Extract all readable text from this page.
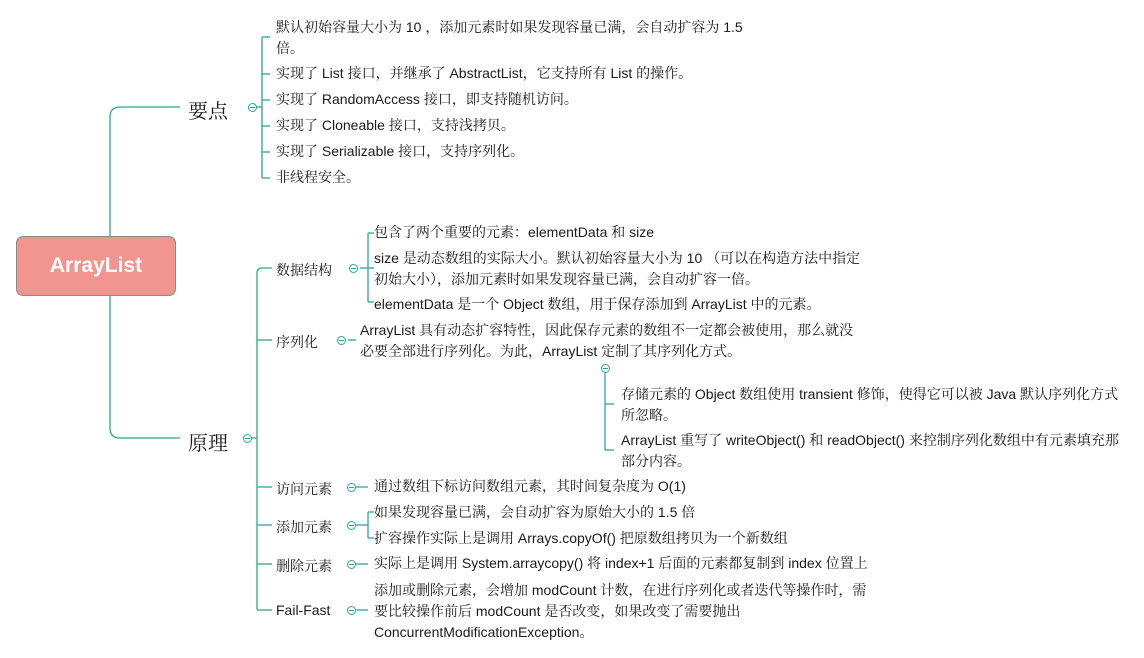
ArrayList
要点
默认初始容量大小为 10 ，添加元素时如果发现容量已满，会自动扩容为 1.5 倍。
实现了 List 接口，并继承了 AbstractList，它支持所有 List 的操作。
实现了 RandomAccess 接口，即支持随机访问。
实现了 Cloneable 接口，支持浅拷贝。
实现了 Serializable 接口，支持序列化。
非线程安全。
原理
数据结构
包含了两个重要的元素：elementData 和 size
size 是动态数组的实际大小。默认初始容量大小为 10 （可以在构造方法中指定初始大小），添加元素时如果发现容量已满，会自动扩容一倍。
elementData 是一个 Object 数组，用于保存添加到 ArrayList 中的元素。
序列化
ArrayList 具有动态扩容特性，因此保存元素的数组不一定都会被使用，那么就没必要全部进行序列化。为此，ArrayList 定制了其序列化方式。
存储元素的 Object 数组使用 transient 修饰，使得它可以被 Java 默认序列化方式所忽略。
ArrayList 重写了 writeObject() 和 readObject() 来控制序列化数组中有元素填充那部分内容。
访问元素	通过数组下标访问数组元素，其时间复杂度为 O(1)
添加元素
如果发现容量已满，会自动扩容为原始大小的 1.5 倍
扩容操作实际上是调用 Arrays.copyOf() 把原数组拷贝为一个新数组
删除元素	实际上是调用 System.arraycopy() 将 index+1 后面的元素都复制到 index 位置上
Fail-Fast
添加或删除元素，会增加 modCount 计数，在进行序列化或者迭代等操作时，需要比较操作前后 modCount 是否改变，如果改变了需要抛出 ConcurrentModificationException。
